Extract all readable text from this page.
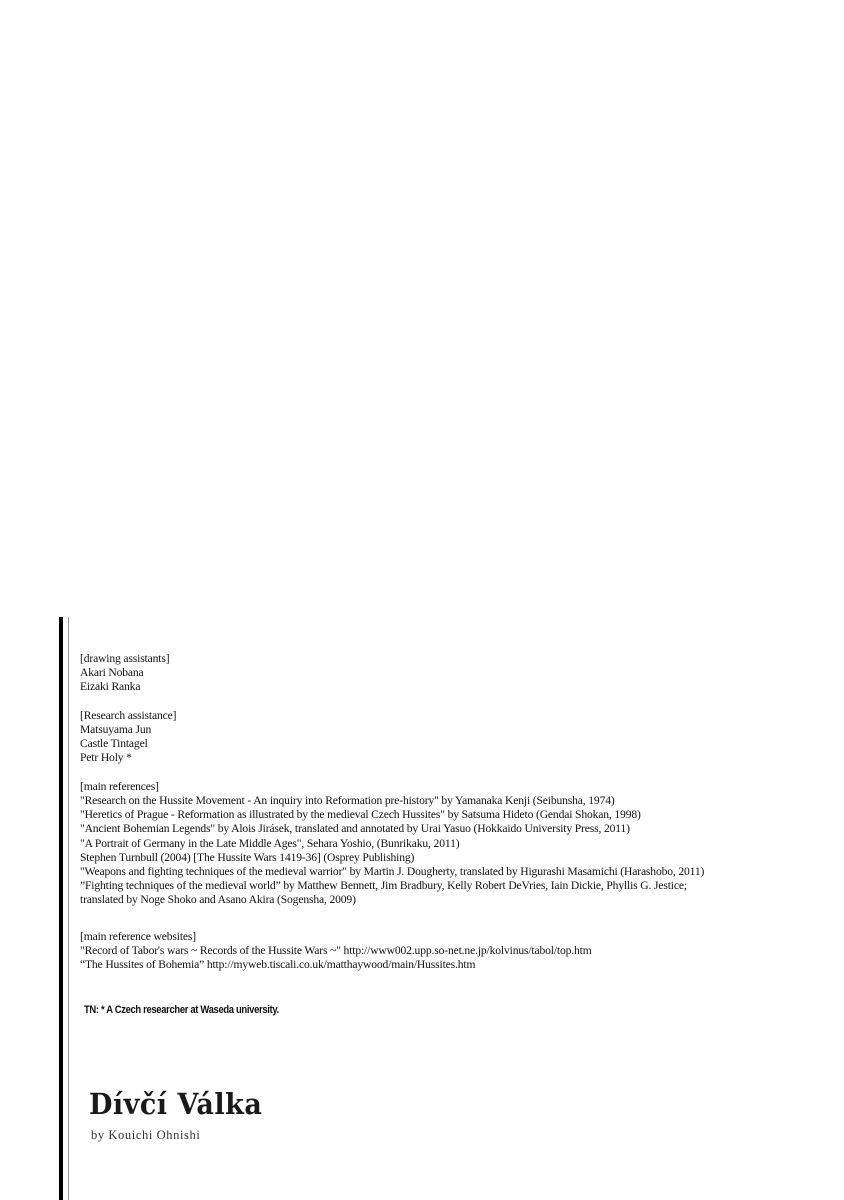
[drawing assistants]
Akari Nobana
Eizaki Ranka
[Research assistance]
Matsuyama Jun
Castle Tintagel
Petr Holy *
[main references]
"Research on the Hussite Movement - An inquiry into Reformation pre-history" by Yamanaka Kenji (Seibunsha, 1974)
"Heretics of Prague - Reformation as illustrated by the medieval Czech Hussites" by Satsuma Hideto (Gendai Shokan, 1998)
"Ancient Bohemian Legends" by Alois Jirásek, translated and annotated by Urai Yasuo (Hokkaido University Press, 2011)
"A Portrait of Germany in the Late Middle Ages", Sehara Yoshio, (Bunrikaku, 2011)
Stephen Turnbull (2004) [The Hussite Wars 1419-36] (Osprey Publishing)
"Weapons and fighting techniques of the medieval warrior" by Martin J. Dougherty, translated by Higurashi Masamichi (Harashobo, 2011)
”Fighting techniques of the medieval world” by Matthew Bennett, Jim Bradbury, Kelly Robert DeVries, Iain Dickie, Phyllis G. Jestice;
translated by Noge Shoko and Asano Akira (Sogensha, 2009)
[main reference websites]
"Record of Tabor's wars ~ Records of the Hussite Wars ~" http://www002.upp.so-net.ne.jp/kolvinus/tabol/top.htm
“The Hussites of Bohemia” http://myweb.tiscali.co.uk/matthaywood/main/Hussites.htm
TN: * A Czech researcher at Waseda university.
Dívčí Válka
by Kouichi Ohnishi
